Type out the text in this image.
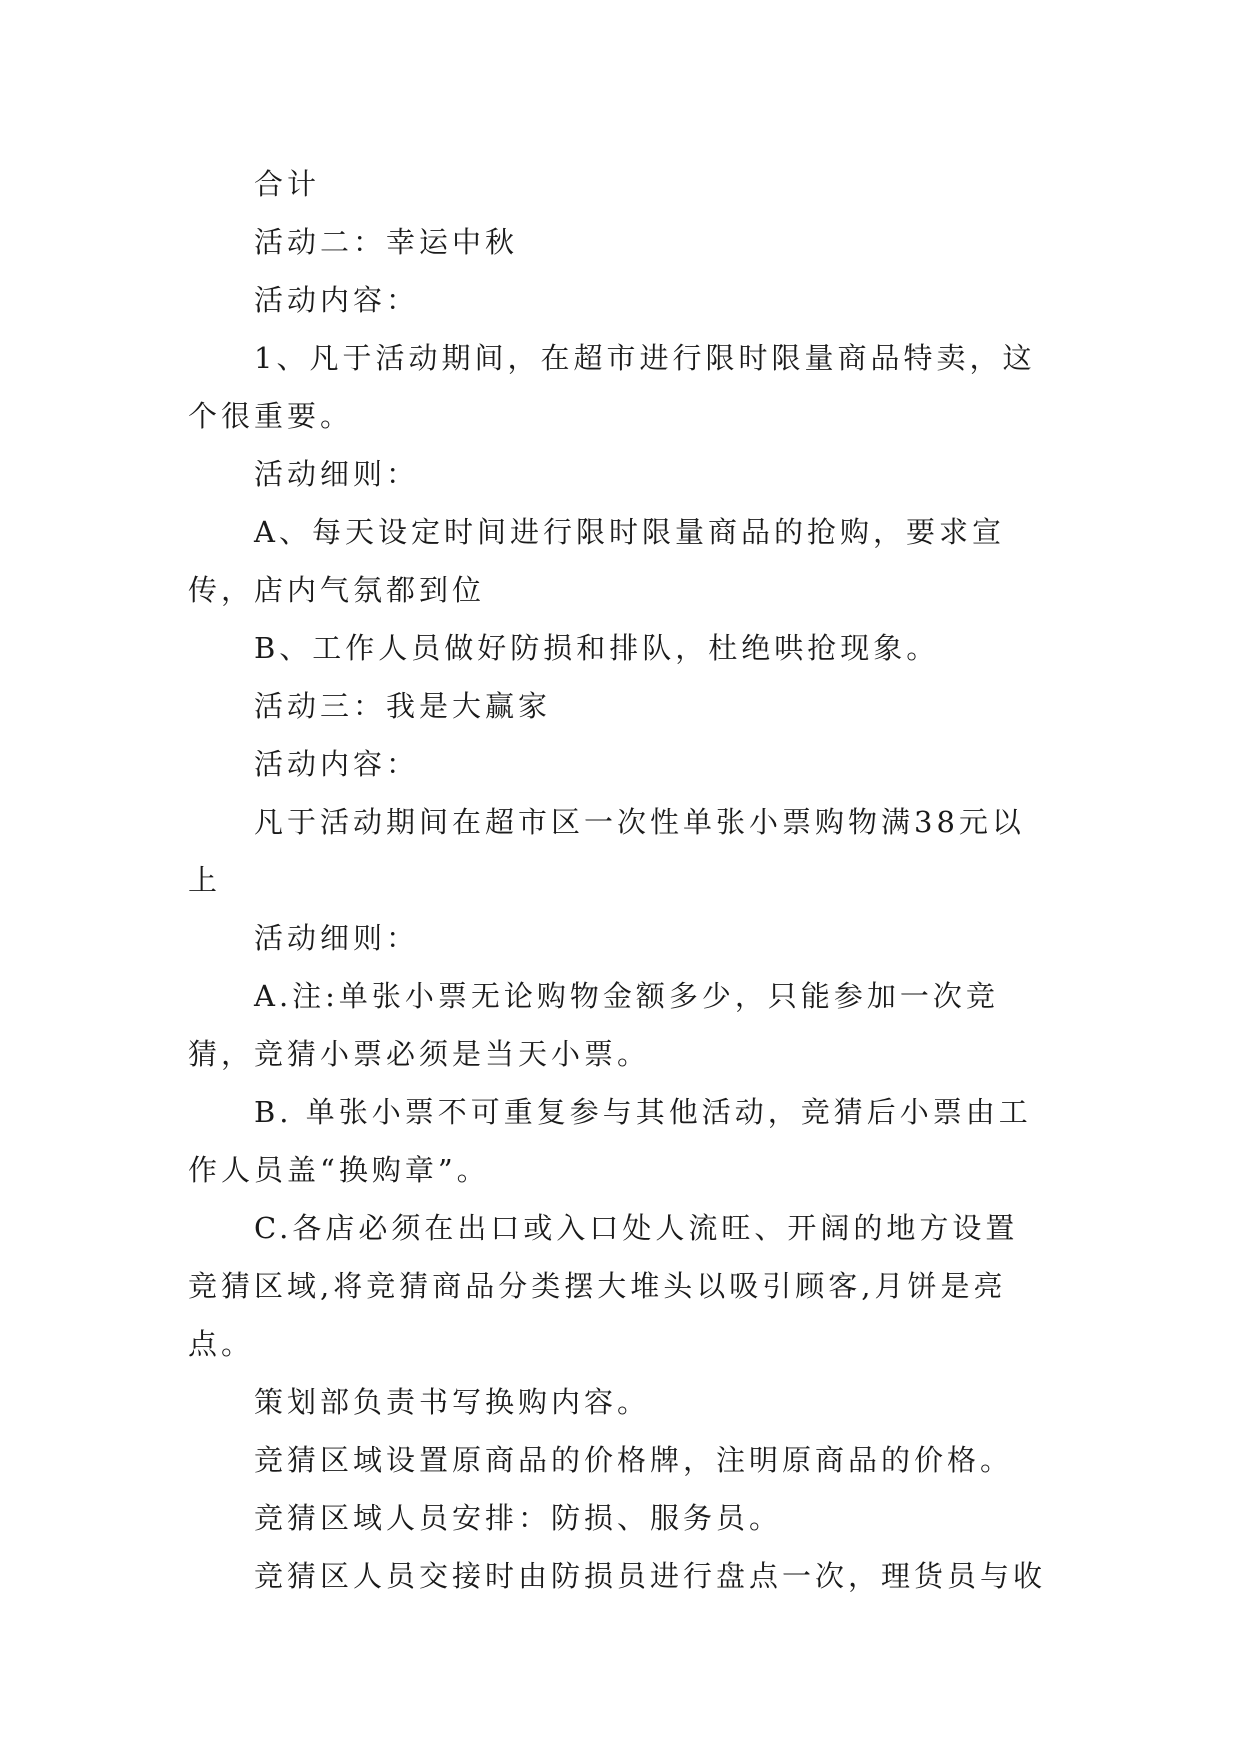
合计

活动二：幸运中秋

活动内容：

1、凡于活动期间，在超市进行限时限量商品特卖，这个很重要。

活动细则：

A、每天设定时间进行限时限量商品的抢购，要求宣传，店内气氛都到位

B、工作人员做好防损和排队，杜绝哄抢现象。

活动三：我是大赢家

活动内容：

凡于活动期间在超市区一次性单张小票购物满38元以上

活动细则：

A.注:单张小票无论购物金额多少，只能参加一次竞猜，竞猜小票必须是当天小票。

B. 单张小票不可重复参与其他活动，竞猜后小票由工作人员盖“换购章”。

C.各店必须在出口或入口处人流旺、开阔的地方设置竞猜区域,将竞猜商品分类摆大堆头以吸引顾客,月饼是亮点。

策划部负责书写换购内容。

竞猜区域设置原商品的价格牌，注明原商品的价格。

竞猜区域人员安排：防损、服务员。

竞猜区人员交接时由防损员进行盘点一次，理货员与收
